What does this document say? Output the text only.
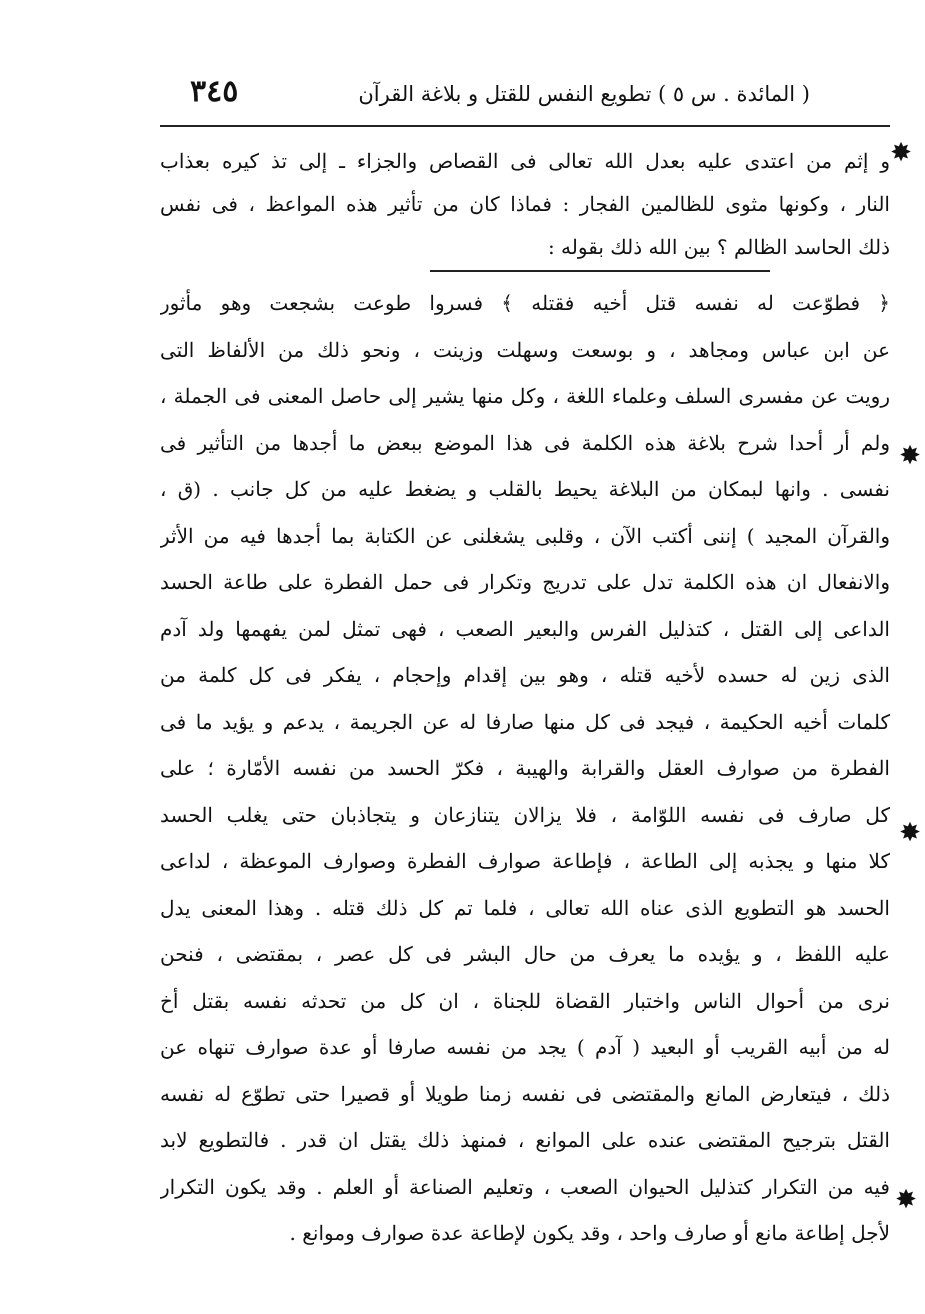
( المائدة . س ٥ ) تطويع النفس للقتل و بلاغة القرآن
٣٤٥
و إثم من اعتدى عليه بعدل الله تعالى فى القصاص والجزاء ـ إلى تذ كيره بعذاب
النار ، وكونها مثوى للظالمين الفجار : فماذا كان من تأثير هذه المواعظ ، فى نفس
ذلك الحاسد الظالم ؟ بين الله ذلك بقوله :
﴿ فطوّعت له نفسه قتل أخيه فقتله ﴾ فسروا طوعت بشجعت وهو مأثور
عن ابن عباس ومجاهد ، و بوسعت وسهلت وزينت ، ونحو ذلك من الألفاظ التى
رويت عن مفسرى السلف وعلماء اللغة ، وكل منها يشير إلى حاصل المعنى فى الجملة ،
ولم أر أحدا شرح بلاغة هذه الكلمة فى هذا الموضع ببعض ما أجدها من التأثير فى
نفسى . وانها لبمكان من البلاغة يحيط بالقلب و يضغط عليه من كل جانب . (ق ،
والقرآن المجيد ) إننى أكتب الآن ، وقلبى يشغلنى عن الكتابة بما أجدها فيه من الأثر
والانفعال ان هذه الكلمة تدل على تدريج وتكرار فى حمل الفطرة على طاعة الحسد
الداعى إلى القتل ، كتذليل الفرس والبعير الصعب ، فهى تمثل لمن يفهمها ولد آدم
الذى زين له حسده لأخيه قتله ، وهو بين إقدام وإحجام ، يفكر فى كل كلمة من
كلمات أخيه الحكيمة ، فيجد فى كل منها صارفا له عن الجريمة ، يدعم و يؤيد ما فى
الفطرة من صوارف العقل والقرابة والهيبة ، فكرّ الحسد من نفسه الأمّارة ؛ على
كل صارف فى نفسه اللوّامة ، فلا يزالان يتنازعان و يتجاذبان حتى يغلب الحسد
كلا منها و يجذبه إلى الطاعة ، فإطاعة صوارف الفطرة وصوارف الموعظة ، لداعى
الحسد هو التطويع الذى عناه الله تعالى ، فلما تم كل ذلك قتله . وهذا المعنى يدل
عليه اللفظ ، و يؤيده ما يعرف من حال البشر فى كل عصر ، بمقتضى ، فنحن
نرى من أحوال الناس واختبار القضاة للجناة ، ان كل من تحدثه نفسه بقتل أخ
له من أبيه القريب أو البعيد ( آدم ) يجد من نفسه صارفا أو عدة صوارف تنهاه عن
ذلك ، فيتعارض المانع والمقتضى فى نفسه زمنا طويلا أو قصيرا حتى تطوّع له نفسه
القتل بترجيح المقتضى عنده على الموانع ، فمنهذ ذلك يقتل ان قدر . فالتطويع لابد
فيه من التكرار كتذليل الحيوان الصعب ، وتعليم الصناعة أو العلم . وقد يكون التكرار
لأجل إطاعة مانع أو صارف واحد ، وقد يكون لإطاعة عدة صوارف وموانع .
✸
✸
✸
✸
